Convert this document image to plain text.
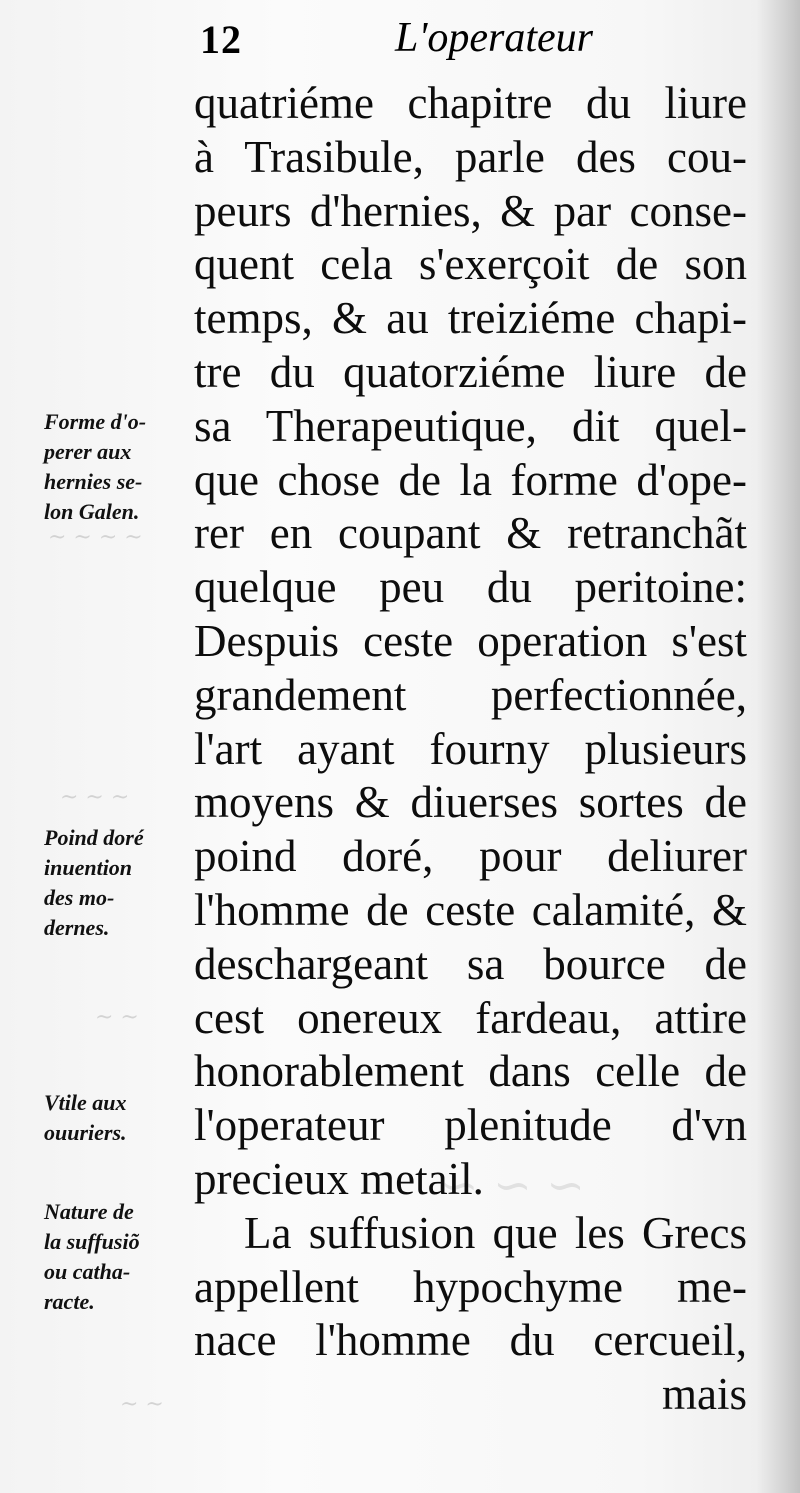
~ ~ ~ ~
~ ~ ~
~ ~
~ ~ ~
~ ~
12	L'operateur
quatriéme chapitre du liure
à Trasibule, parle des cou-
peurs d'hernies, & par conse-
quent cela s'exerçoit de son
temps, & au treiziéme chapi-
tre du quatorziéme liure de
sa Therapeutique, dit quel-
que chose de la forme d'ope-
rer en coupant & retranchãt
quelque peu du peritoine:
Despuis ceste operation s'est
grandement perfectionnée,
l'art ayant fourny plusieurs
moyens & diuerses sortes de
poind doré, pour deliurer
l'homme de ceste calamité, &
deschargeant sa bource de
cest onereux fardeau, attire
honorablement dans celle de
l'operateur plenitude d'vn
precieux metail.
La suffusion que les Grecs
appellent hypochyme me-
nace l'homme du cercueil,
mais
Forme d'o-
perer aux
hernies se-
lon Galen.
Poind doré
inuention
des mo-
dernes.
Vtile aux
ouuriers.
Nature de
la suffusiõ
ou catha-
racte.
